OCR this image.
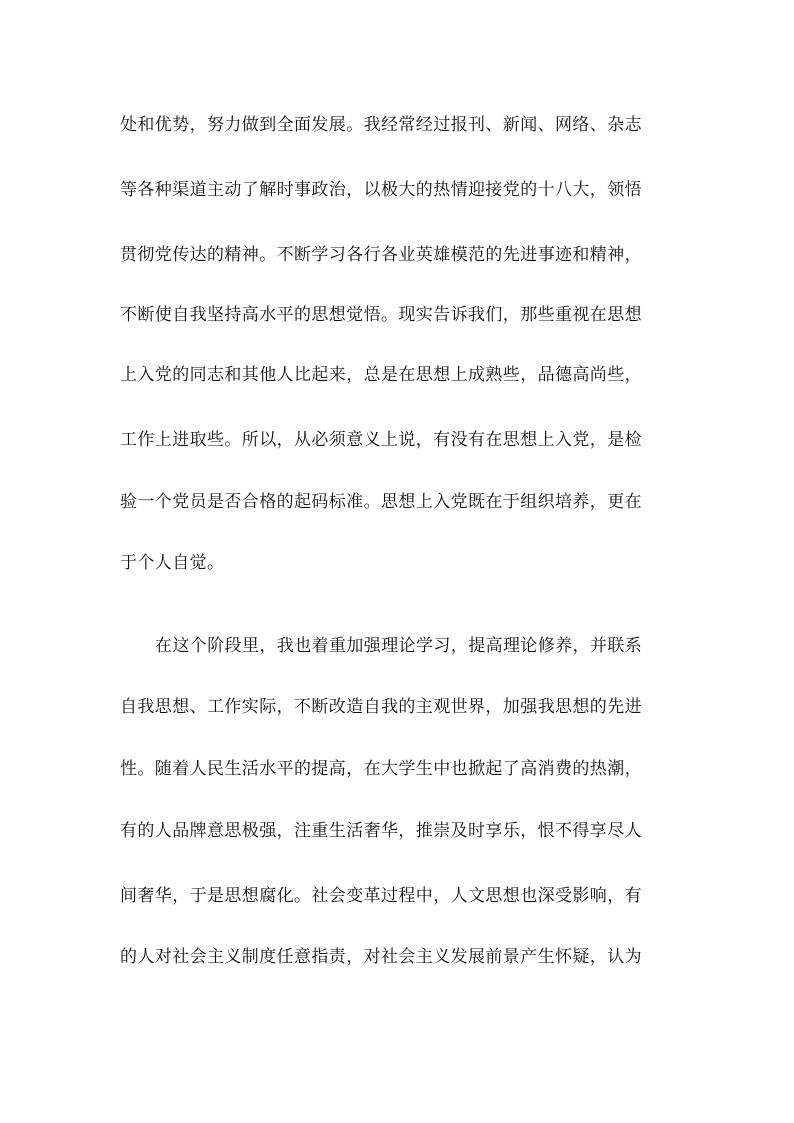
处和优势，努力做到全面发展。我经常经过报刊、新闻、网络、杂志
等各种渠道主动了解时事政治，以极大的热情迎接党的十八大，领悟
贯彻党传达的精神。不断学习各行各业英雄模范的先进事迹和精神，
不断使自我坚持高水平的思想觉悟。现实告诉我们，那些重视在思想
上入党的同志和其他人比起来，总是在思想上成熟些，品德高尚些，
工作上进取些。所以，从必须意义上说，有没有在思想上入党，是检
验一个党员是否合格的起码标准。思想上入党既在于组织培养，更在
于个人自觉。
在这个阶段里，我也着重加强理论学习，提高理论修养，并联系
自我思想、工作实际，不断改造自我的主观世界，加强我思想的先进
性。随着人民生活水平的提高，在大学生中也掀起了高消费的热潮，
有的人品牌意思极强，注重生活奢华，推崇及时享乐，恨不得享尽人
间奢华，于是思想腐化。社会变革过程中，人文思想也深受影响，有
的人对社会主义制度任意指责，对社会主义发展前景产生怀疑，认为
